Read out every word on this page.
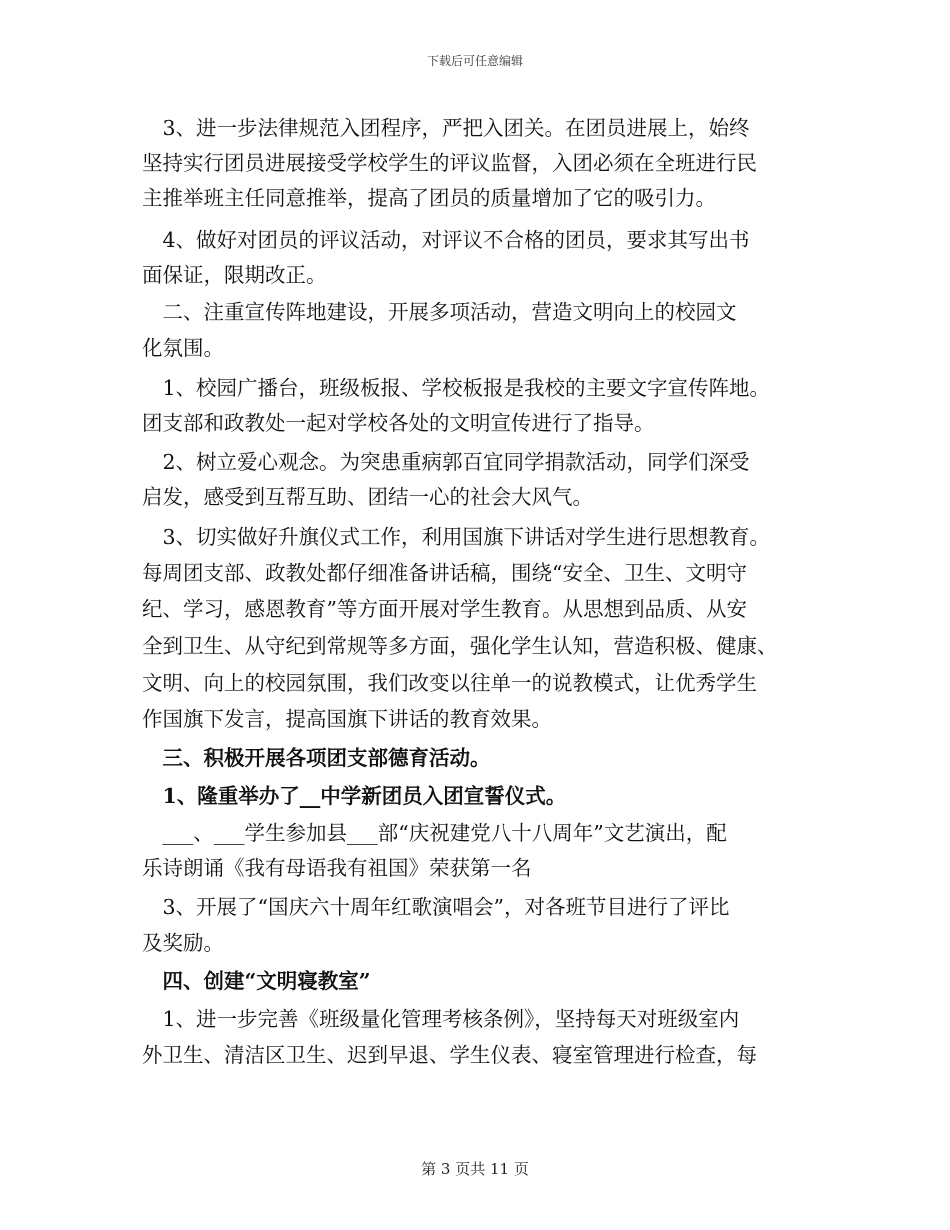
下载后可任意编辑
　3、进一步法律规范入团程序，严把入团关。在团员进展上，始终
坚持实行团员进展接受学校学生的评议监督，入团必须在全班进行民
主推举班主任同意推举，提高了团员的质量增加了它的吸引力。
　4、做好对团员的评议活动，对评议不合格的团员，要求其写出书
面保证，限期改正。
　二、注重宣传阵地建设，开展多项活动，营造文明向上的校园文
化氛围。
　1、校园广播台，班级板报、学校板报是我校的主要文字宣传阵地。
团支部和政教处一起对学校各处的文明宣传进行了指导。
　2、树立爱心观念。为突患重病郭百宜同学捐款活动，同学们深受
启发，感受到互帮互助、团结一心的社会大风气。
　3、切实做好升旗仪式工作，利用国旗下讲话对学生进行思想教育。
每周团支部、政教处都仔细准备讲话稿，围绕“安全、卫生、文明守
纪、学习，感恩教育”等方面开展对学生教育。从思想到品质、从安
全到卫生、从守纪到常规等多方面，强化学生认知，营造积极、健康、
文明、向上的校园氛围，我们改变以往单一的说教模式，让优秀学生
作国旗下发言，提高国旗下讲话的教育效果。
　三、积极开展各项团支部德育活动。
　1、隆重举办了__中学新团员入团宣誓仪式。
　___、___学生参加县___部“庆祝建党八十八周年”文艺演出，配
乐诗朗诵《我有母语我有祖国》荣获第一名
　3、开展了“国庆六十周年红歌演唱会”，对各班节目进行了评比
及奖励。
　四、创建“文明寝教室”
　1、进一步完善《班级量化管理考核条例》，坚持每天对班级室内
外卫生、清洁区卫生、迟到早退、学生仪表、寝室管理进行检查，每
第 3 页共 11 页
